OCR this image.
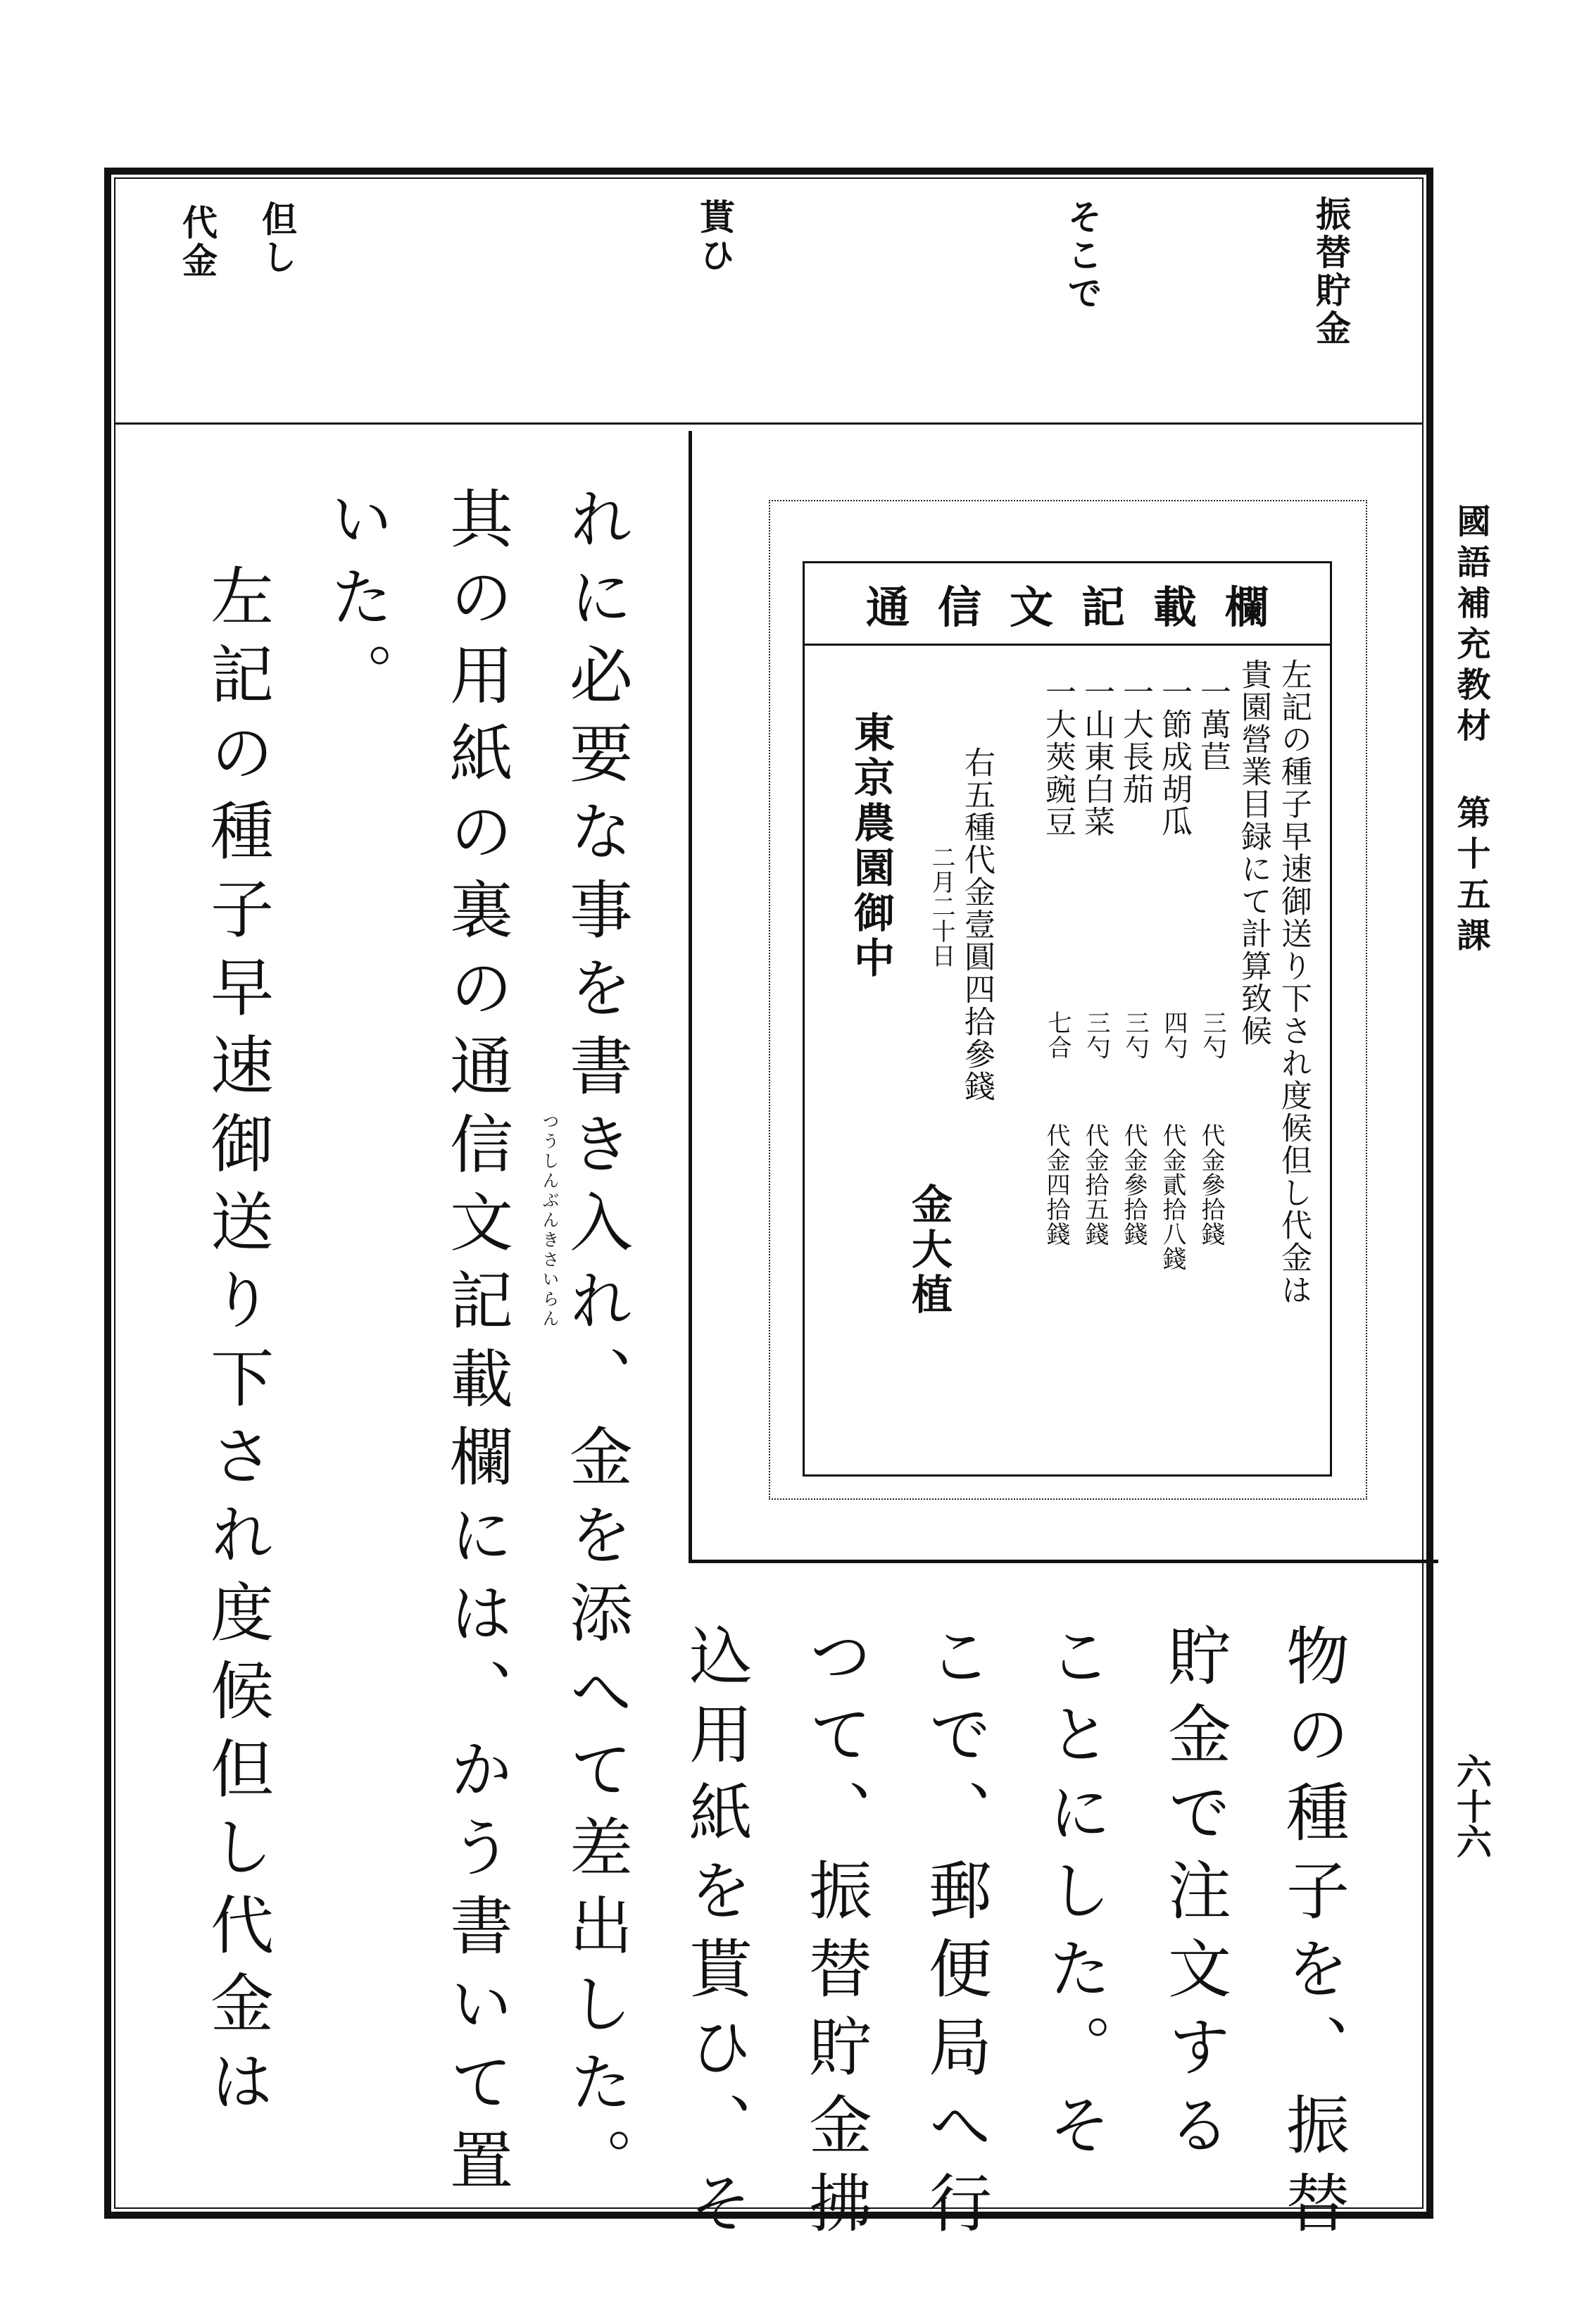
國語補充教材 第十五課
六十六
振替貯金
そこで
貰ひ
但し
代金
通信文記載欄
左記の種子早速御送り下され度候但し代金は
貴園營業目録にて計算致候
一萬苣
一節成胡瓜
一大長茄
一山東白菜
一大莢豌豆
三勺
四勺
三勺
三勺
七合
代金參拾錢
代金貳拾八錢
代金參拾錢
代金拾五錢
代金四拾錢
右五種代金壹圓四拾參錢
二月二十日
金大植
東京農園御中
物の種子を、振替
貯金で注文する
ことにした。そ
こで、郵便局へ行
つて、振替貯金拂
込用紙を貰ひ、そ
れに必要な事を書き入れ、金を添へて差出した。
其の用紙の裏の通信文記載欄には、かう書いて置
いた。
左記の種子早速御送り下され度候但し代金は	つうしんぶんきさいらん
